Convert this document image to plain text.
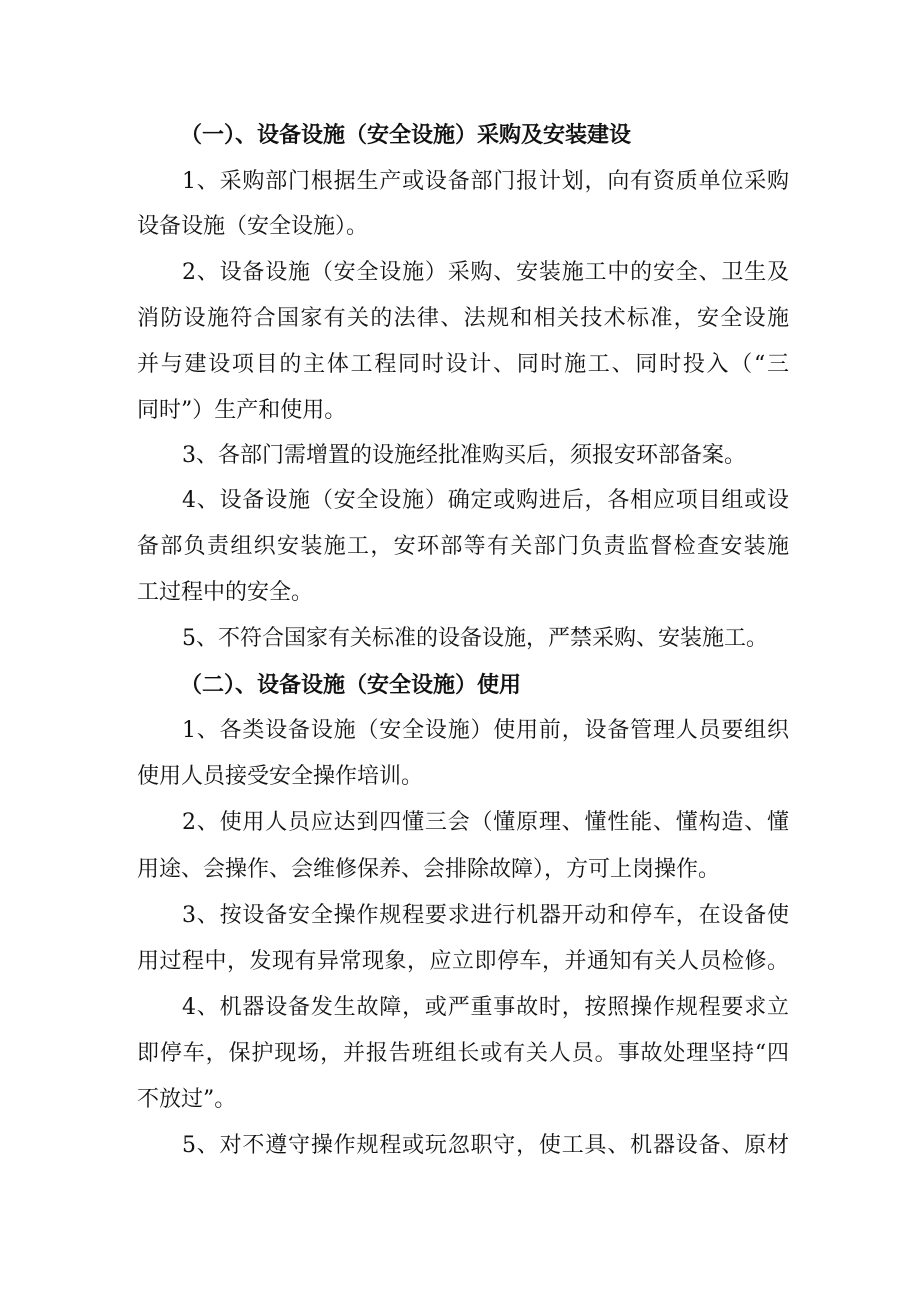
（一）、设备设施（安全设施）采购及安装建设
1、采购部门根据生产或设备部门报计划，向有资质单位采购
设备设施（安全设施）。
2、设备设施（安全设施）采购、安装施工中的安全、卫生及
消防设施符合国家有关的法律、法规和相关技术标准，安全设施
并与建设项目的主体工程同时设计、同时施工、同时投入（“三
同时”）生产和使用。
3、各部门需增置的设施经批准购买后，须报安环部备案。
4、设备设施（安全设施）确定或购进后，各相应项目组或设
备部负责组织安装施工，安环部等有关部门负责监督检查安装施
工过程中的安全。
5、不符合国家有关标准的设备设施，严禁采购、安装施工。
（二）、设备设施（安全设施）使用
1、各类设备设施（安全设施）使用前，设备管理人员要组织
使用人员接受安全操作培训。
2、使用人员应达到四懂三会（懂原理、懂性能、懂构造、懂
用途、会操作、会维修保养、会排除故障），方可上岗操作。
3、按设备安全操作规程要求进行机器开动和停车，在设备使
用过程中，发现有异常现象，应立即停车，并通知有关人员检修。
4、机器设备发生故障，或严重事故时，按照操作规程要求立
即停车，保护现场，并报告班组长或有关人员。事故处理坚持“四
不放过”。
5、对不遵守操作规程或玩忽职守，使工具、机器设备、原材
